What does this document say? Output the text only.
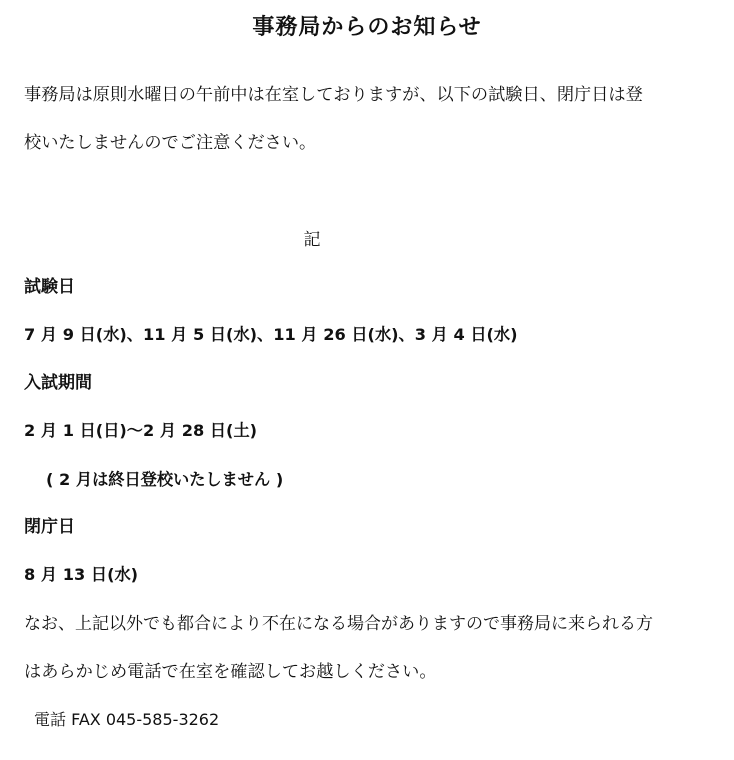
事務局からのお知らせ
事務局は原則水曜日の午前中は在室しておりますが、以下の試験日、閉庁日は登
校いたしませんのでご注意ください。
記
試験日
7 月 9 日(水)、11 月 5 日(水)、11 月 26 日(水)、3 月 4 日(水)
入試期間
2 月 1 日(日)～2 月 28 日(土)
( 2 月は終日登校いたしません )
閉庁日
8 月 13 日(水)
なお、上記以外でも都合により不在になる場合がありますので事務局に来られる方
はあらかじめ電話で在室を確認してお越しください。
電話 FAX 045-585-3262
